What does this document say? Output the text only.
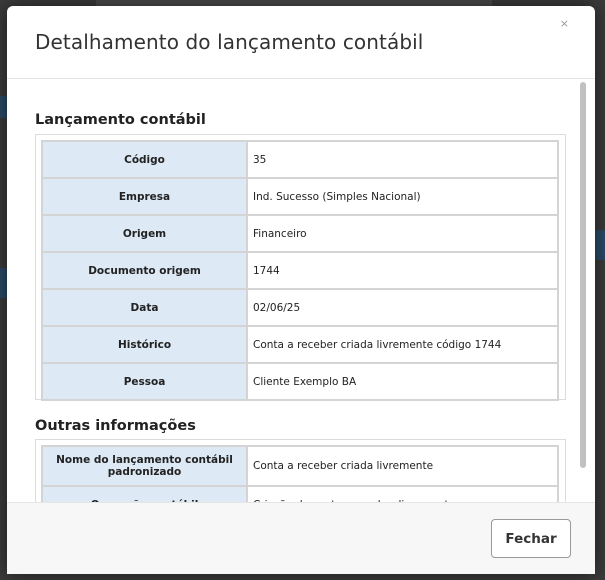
Detalhamento do lançamento contábil
×
Lançamento contábil
Código	35
Empresa	Ind. Sucesso (Simples Nacional)
Origem	Financeiro
Documento origem	1744
Data	02/06/25
Histórico	Conta a receber criada livremente código 1744
Pessoa	Cliente Exemplo BA
Outras informações
Nome do lançamento contábil padronizado	Conta a receber criada livremente

Fechar
